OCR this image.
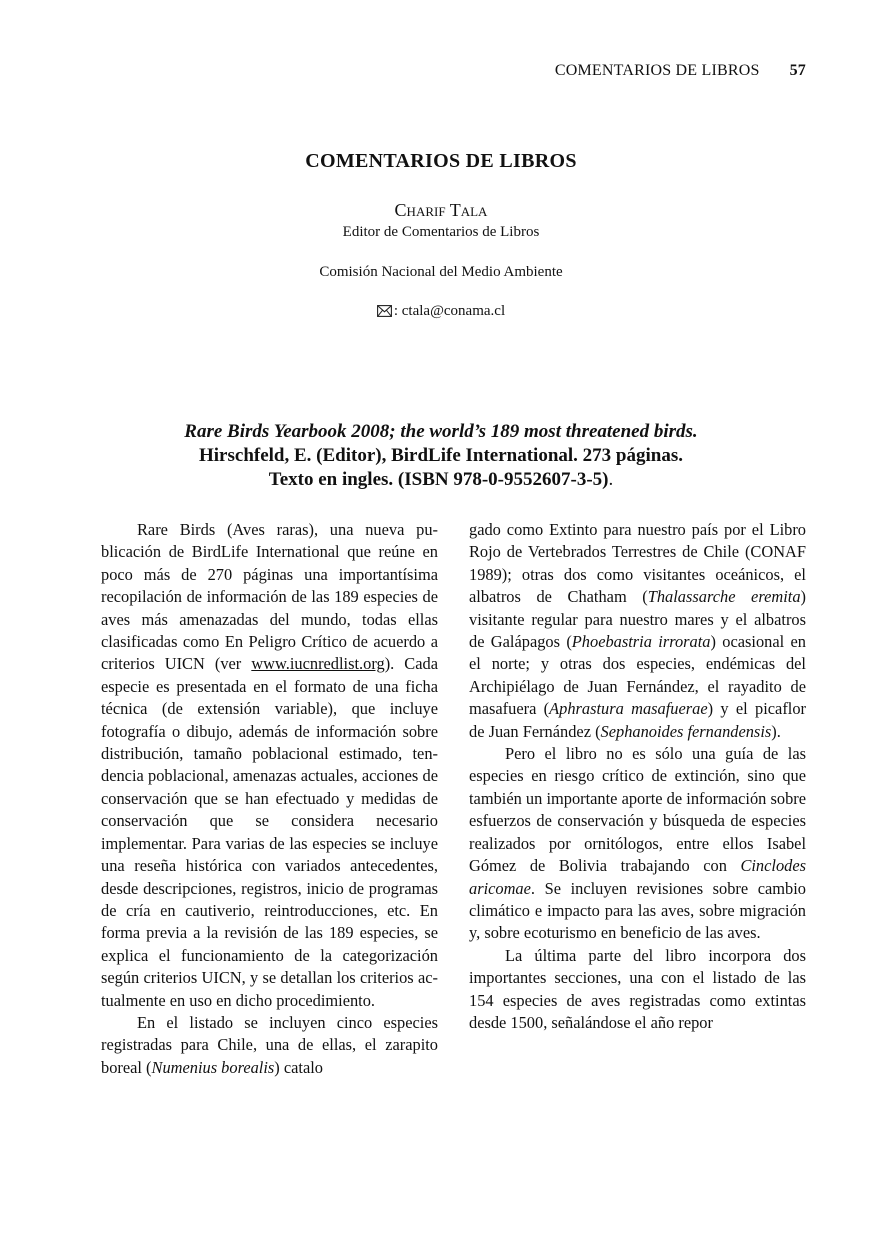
COMENTARIOS DE LIBROS 57
COMENTARIOS DE LIBROS
Charif Tala
Editor de Comentarios de Libros
Comisión Nacional del Medio Ambiente
: ctala@conama.cl
Rare Birds Yearbook 2008; the world’s 189 most threatened birds.
Hirschfeld, E. (Editor), BirdLife International. 273 páginas.
Texto en ingles. (ISBN 978-0-9552607-3-5).

Rare Birds (Aves raras), una nueva publicación de BirdLife International que reúne en poco más de 270 páginas una importantísima recopilación de información de las 189 especies de aves más amenazadas del mundo, todas ellas clasificadas como En Peligro Crítico de acuerdo a criterios UICN (ver www.iucnredlist.org). Cada especie es presentada en el formato de una ficha técnica (de extensión variable), que incluye fotografía o dibujo, además de información sobre distribución, tamaño poblacional estimado, tendencia poblacional, amenazas actuales, acciones de conservación que se han efectuado y medidas de conservación que se considera necesario implementar. Para varias de las especies se incluye una reseña histórica con variados antecedentes, desde descripciones, registros, inicio de programas de cría en cautiverio, reintroducciones, etc. En forma previa a la revisión de las 189 especies, se explica el funcionamiento de la categorización según criterios UICN, y se detallan los criterios actualmente en uso en dicho procedimiento.

En el listado se incluyen cinco especies registradas para Chile, una de ellas, el zarapito boreal (Numenius borealis) catalo

gado como Extinto para nuestro país por el Libro Rojo de Vertebrados Terrestres de Chile (CONAF 1989); otras dos como visitantes oceánicos, el albatros de Chatham (Thalassarche eremita) visitante regular para nuestro mares y el albatros de Galápagos (Phoebastria irrorata) ocasional en el norte; y otras dos especies, endémicas del Archipiélago de Juan Fernández, el rayadito de masafuera (Aphrastura masafuerae) y el picaflor de Juan Fernández (Sephanoides fernandensis).

Pero el libro no es sólo una guía de las especies en riesgo crítico de extinción, sino que también un importante aporte de información sobre esfuerzos de conservación y búsqueda de especies realizados por ornitólogos, entre ellos Isabel Gómez de Bolivia trabajando con Cinclodes aricomae. Se incluyen revisiones sobre cambio climático e impacto para las aves, sobre migración y, sobre ecoturismo en beneficio de las aves.

La última parte del libro incorpora dos importantes secciones, una con el listado de las 154 especies de aves registradas como extintas desde 1500, señalándose el año repor
